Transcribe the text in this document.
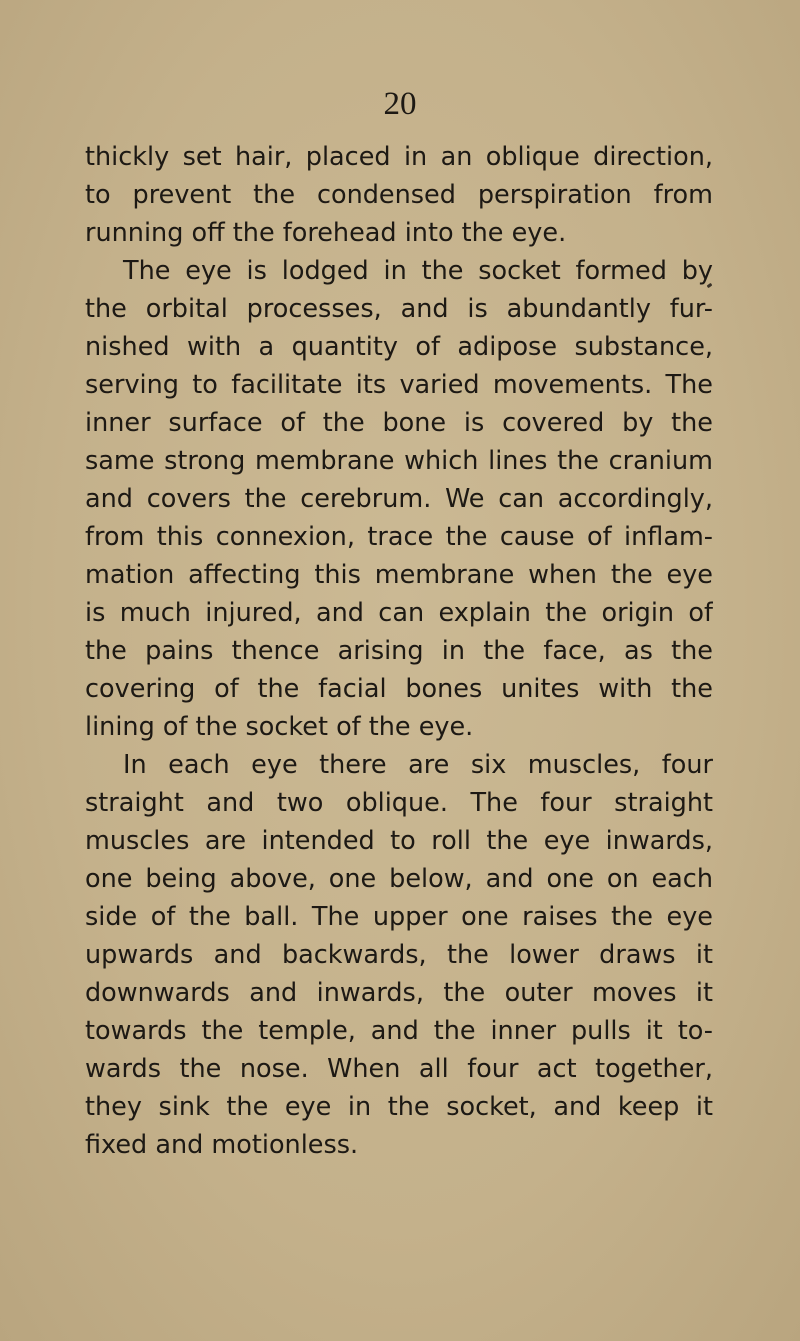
20
thickly set hair, placed in an oblique direction,
to prevent the condensed perspiration from
running off the forehead into the eye.
The eye is lodged in the socket formed by
the orbital processes, and is abundantly fur-
nished with a quantity of adipose substance,
serving to facilitate its varied movements. The
inner surface of the bone is covered by the
same strong membrane which lines the cranium
and covers the cerebrum. We can accordingly,
from this connexion, trace the cause of inflam-
mation affecting this membrane when the eye
is much injured, and can explain the origin of
the pains thence arising in the face, as the
covering of the facial bones unites with the
lining of the socket of the eye.
In each eye there are six muscles, four
straight and two oblique. The four straight
muscles are intended to roll the eye inwards,
one being above, one below, and one on each
side of the ball. The upper one raises the eye
upwards and backwards, the lower draws it
downwards and inwards, the outer moves it
towards the temple, and the inner pulls it to-
wards the nose. When all four act together,
they sink the eye in the socket, and keep it
fixed and motionless.
